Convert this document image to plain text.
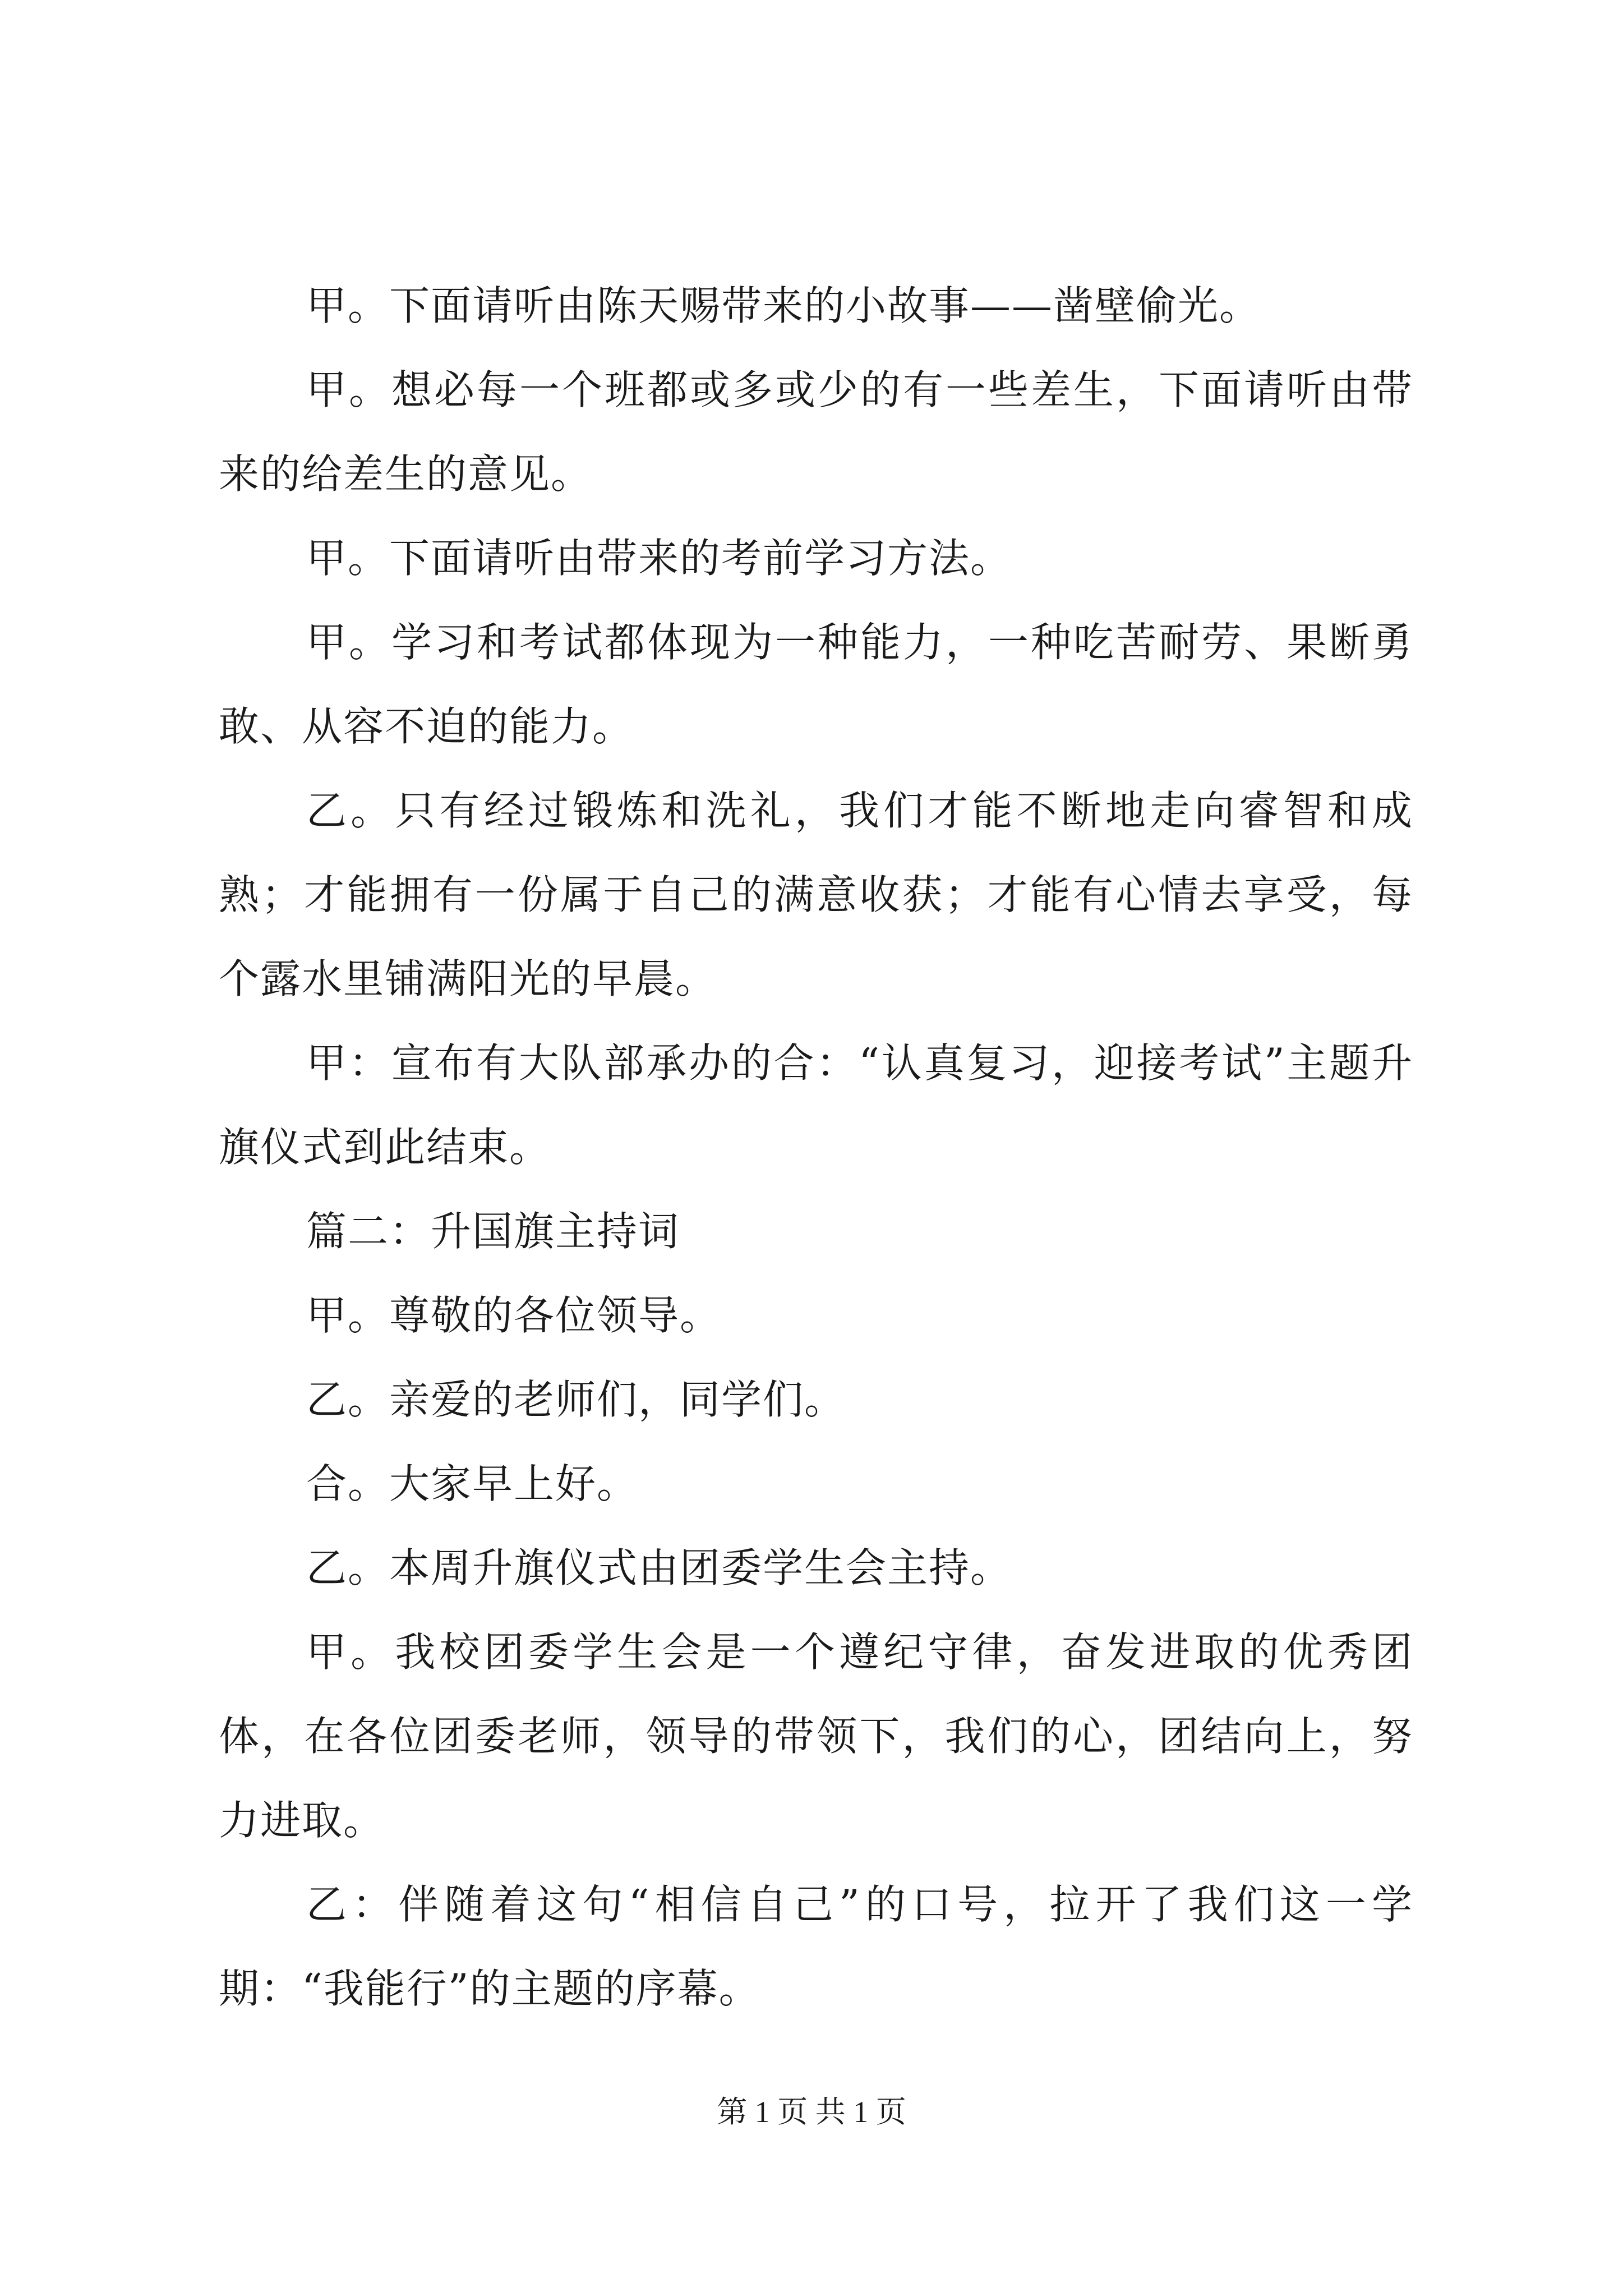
甲。下面请听由陈天赐带来的小故事——凿壁偷光。

甲。想必每一个班都或多或少的有一些差生，下面请听由带来的给差生的意见。

甲。下面请听由带来的考前学习方法。

甲。学习和考试都体现为一种能力，一种吃苦耐劳、果断勇敢、从容不迫的能力。

乙。只有经过锻炼和洗礼，我们才能不断地走向睿智和成熟；才能拥有一份属于自己的满意收获；才能有心情去享受，每个露水里铺满阳光的早晨。

甲：宣布有大队部承办的合：“认真复习，迎接考试”主题升旗仪式到此结束。

篇二：升国旗主持词

甲。尊敬的各位领导。

乙。亲爱的老师们，同学们。

合。大家早上好。

乙。本周升旗仪式由团委学生会主持。

甲。我校团委学生会是一个遵纪守律，奋发进取的优秀团体，在各位团委老师，领导的带领下，我们的心，团结向上，努力进取。

乙：伴随着这句“相信自己”的口号，拉开了我们这一学期：“我能行”的主题的序幕。

第 1 页 共 1 页
